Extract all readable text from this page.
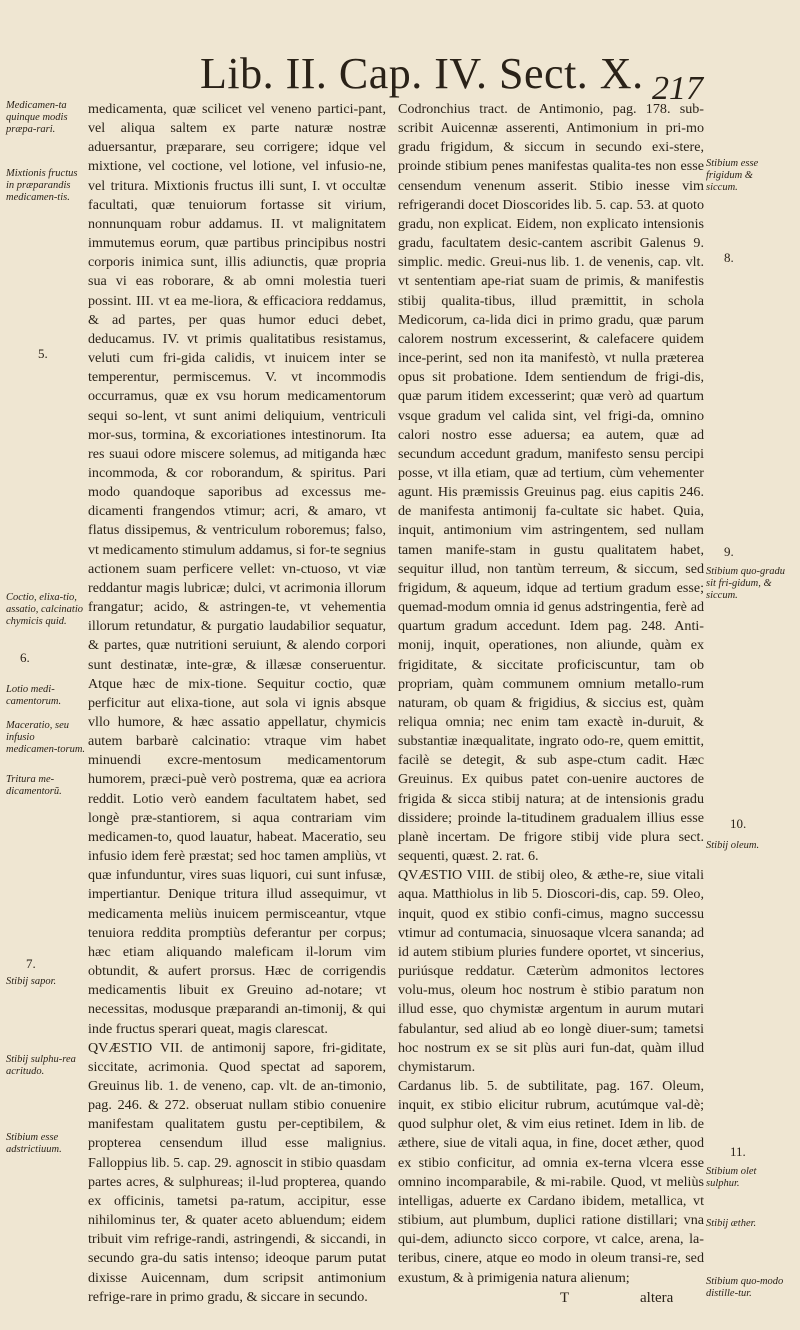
Lib. II. Cap. IV. Sect. X. 217
Medicamen-ta quinque modis præpa-rari.
Mixtionis fructus in præparandis medicamen-tis.
5.
Coctio, elixa-tio, assatio, calcinatio chymicis quid.
6.
Lotio medi-camentorum.
Maceratio, seu infusio medicamen-torum.
Tritura me-dicamentorũ.
7.
Stibij sapor.
Stibij sulphu-rea acritudo.
Stibium esse adstrictiuum.

medicamenta, quæ scilicet vel veneno partici-pant, vel aliqua saltem ex parte naturæ nostræ aduersantur, præparare, seu corrigere; idque vel mixtione, vel coctione, vel lotione, vel infusio-ne, vel tritura. Mixtionis fructus illi sunt, I. vt occultæ facultati, quæ tenuiorum fortasse sit virium, nonnunquam robur addamus. II. vt malignitatem immutemus eorum, quæ partibus principibus nostri corporis inimica sunt, illis adiunctis, quæ propria sua vi eas roborare, & ab omni molestia tueri possint. III. vt ea me-liora, & efficaciora reddamus, & ad partes, per quas humor educi debet, deducamus. IV. vt primis qualitatibus resistamus, veluti cum fri-gida calidis, vt inuicem inter se temperentur, permiscemus. V. vt incommodis occurramus, quæ ex vsu horum medicamentorum sequi so-lent, vt sunt animi deliquium, ventriculi mor-sus, tormina, & excoriationes intestinorum. Ita res suaui odore miscere solemus, ad mitiganda hæc incommoda, & cor roborandum, & spiritus. Pari modo quandoque saporibus ad excessus me-dicamenti frangendos vtimur; acri, & amaro, vt flatus dissipemus, & ventriculum roboremus; falso, vt medicamento stimulum addamus, si for-te segnius actionem suam perficere vellet: vn-ctuoso, vt viæ reddantur magis lubricæ; dulci, vt acrimonia illorum frangatur; acido, & astringen-te, vt vehementia illorum retundatur, & purgatio laudabilior sequatur, & partes, quæ nutritioni seruiunt, & alendo corpori sunt destinatæ, inte-græ, & illæsæ conseruentur. Atque hæc de mix-tione. Sequitur coctio, quæ perficitur aut elixa-tione, aut sola vi ignis absque vllo humore, & hæc assatio appellatur, chymicis autem barbarè calcinatio: vtraque vim habet minuendi excre-mentosum medicamentorum humorem, præci-puè verò postrema, quæ ea acriora reddit. Lotio verò eandem facultatem habet, sed longè præ-stantiorem, si aqua contrariam vim medicamen-to, quod lauatur, habeat. Maceratio, seu infusio idem ferè præstat; sed hoc tamen ampliùs, vt quæ infunduntur, vires suas liquori, cui sunt infusæ, impertiantur. Denique tritura illud assequimur, vt medicamenta meliùs inuicem permisceantur, vtque tenuiora reddita promptiùs deferantur per corpus; hæc etiam aliquando maleficam il-lorum vim obtundit, & aufert prorsus. Hæc de corrigendis medicamentis libuit ex Greuino ad-notare; vt necessitas, modusque præparandi an-timonij, & qui inde fructus sperari queat, magis clarescat.

QVÆSTIO VII. de antimonij sapore, fri-giditate, siccitate, acrimonia. Quod spectat ad saporem, Greuinus lib. 1. de veneno, cap. vlt. de an-timonio, pag. 246. & 272. obseruat nullam stibio conuenire manifestam qualitatem gustu per-ceptibilem, & propterea censendum illud esse malignius. Falloppius lib. 5. cap. 29. agnoscit in stibio quasdam partes acres, & sulphureas; il-lud propterea, quando ex officinis, tametsi pa-ratum, accipitur, esse nihilominus ter, & quater aceto abluendum; eidem tribuit vim refrige-randi, astringendi, & siccandi, in secundo gra-du satis intenso; ideoque parum putat dixisse Auicennam, dum scripsit antimonium refrige-rare in primo gradu, & siccare in secundo.

Codronchius tract. de Antimonio, pag. 178. sub-scribit Auicennæ asserenti, Antimonium in pri-mo gradu frigidum, & siccum in secundo exi-stere, proinde stibium penes manifestas qualita-tes non esse censendum venenum asserit. Stibio inesse vim refrigerandi docet Dioscorides lib. 5. cap. 53. at quoto gradu, non explicat. Eidem, non explicato intensionis gradu, facultatem desic-cantem ascribit Galenus 9. simplic. medic. Greui-nus lib. 1. de venenis, cap. vlt. vt sententiam ape-riat suam de primis, & manifestis stibij qualita-tibus, illud præmittit, in schola Medicorum, ca-lida dici in primo gradu, quæ parum calorem nostrum excesserint, & calefacere quidem ince-perint, sed non ita manifestò, vt nulla prætereа opus sit probatione. Idem sentiendum de frigi-dis, quæ parum itidem excesserint; quæ verò ad quartum vsque gradum vel calida sint, vel frigi-da, omnino calori nostro esse aduersa; ea autem, quæ ad secundum accedunt gradum, manifesto sensu percipi posse, vt illa etiam, quæ ad tertium, cùm vehementer agunt. His præmissis Greuinus pag. eius capitis 246. de manifesta antimonij fa-cultate sic habet. Quia, inquit, antimonium vim astringentem, sed nullam tamen manife-stam in gustu qualitatem habet, sequitur illud, non tantùm terreum, & siccum, sed frigidum, & aqueum, idque ad tertium gradum esse; quemad-modum omnia id genus adstringentia, ferè ad quartum gradum accedunt. Idem pag. 248. Anti-monij, inquit, operationes, non aliunde, quàm ex frigiditate, & siccitate proficiscuntur, tam ob propriam, quàm communem omnium metallo-rum naturam, ob quam & frigidius, & siccius est, quàm reliqua omnia; nec enim tam exactè in-duruit, & substantiæ inæqualitate, ingrato odo-re, quem emittit, facilè se detegit, & sub aspe-ctum cadit. Hæc Greuinus. Ex quibus patet con-uenire auctores de frigida & sicca stibij natura; at de intensionis gradu dissidere; proinde la-titudinem gradualem illius esse planè incertam. De frigore stibij vide plura sect. sequenti, quæst. 2. rat. 6.

QVÆSTIO VIII. de stibij oleo, & æthe-re, siue vitali aqua. Matthiolus in lib 5. Dioscori-dis, cap. 59. Oleo, inquit, quod ex stibio confi-cimus, magno successu vtimur ad contumaciа, sinuosaque vlcera sananda; ad id autem stibium pluries fundere oportet, vt sincerius, puriúsque reddatur. Cæterùm admonitos lectores volu-mus, oleum hoc nostrum è stibio paratum non illud esse, quo chymistæ argentum in aurum mutari fabulantur, sed aliud ab eo longè diuer-sum; tametsi hoc nostrum ex se sit plùs auri fun-dat, quàm illud chymistarum.

Cardanus lib. 5. de subtilitate, pag. 167. Oleum, inquit, ex stibio elicitur rubrum, acutúmque val-dè; quod sulphur olet, & vim eius retinet. Idem in lib. de æthere, siue de vitali aqua, in fine, docet æther, quod ex stibio conficitur, ad omnia ex-terna vlcera esse omnino incomparabile, & mi-rabile. Quod, vt meliùs intelligas, aduerte ex Cardano ibidem, metallica, vt stibium, aut plumbum, duplici ratione distillari; vna qui-dem, adiunctо sicco corpore, vt calce, arena, la-teribus, cinere, atque eo modo in oleum transi-re, sed exustum, & à primigenia natura alienum;

Stibium esse frigidum & siccum.
8.
9.
Stibium quo-gradu sit fri-gidum, & siccum.
10.
Stibij oleum.
11.
Stibium olet sulphur.
Stibij æther.
Stibium quo-modo distille-tur.
T	altera
